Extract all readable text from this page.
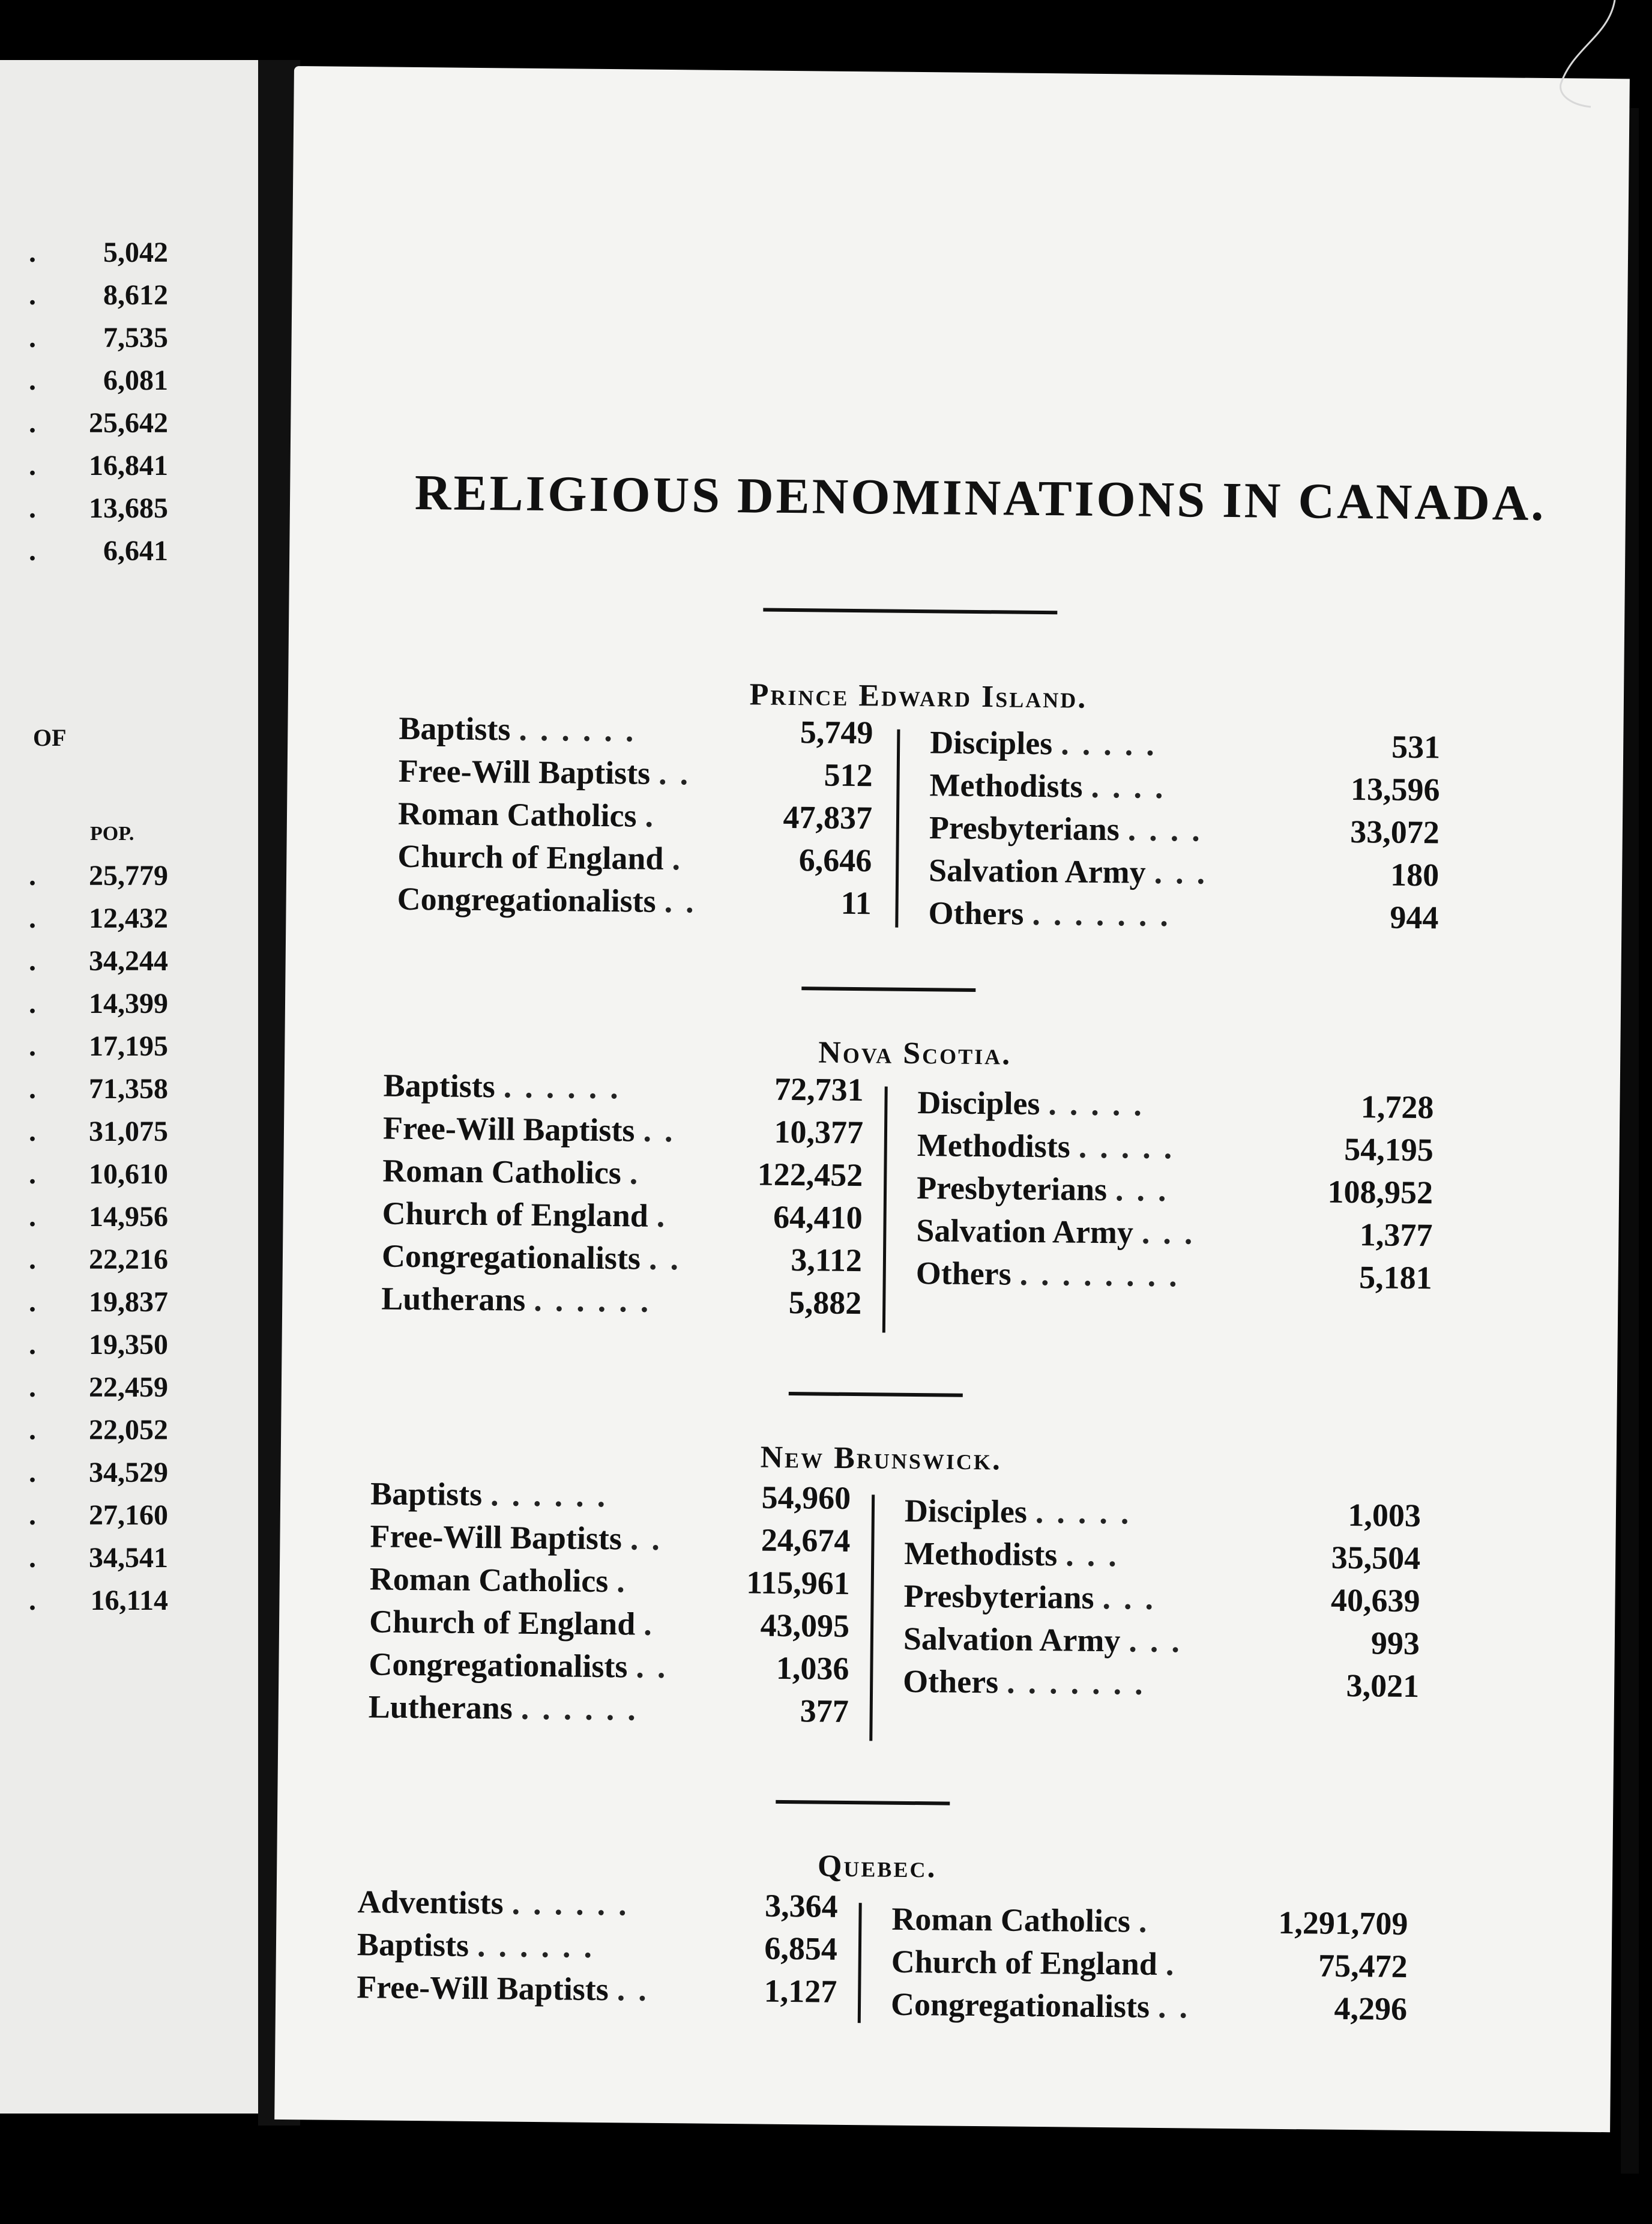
. 5,042
. 8,612
. 7,535
. 6,081
. 25,642
. 16,841
. 13,685
. 6,641
OF
POP.
. 25,779
. 12,432
. 34,244
. 14,399
. 17,195
. 71,358
. 31,075
. 10,610
. 14,956
. 22,216
. 19,837
. 19,350
. 22,459
. 22,052
. 34,529
. 27,160
. 34,541
. 16,114
RELIGIOUS DENOMINATIONS IN CANADA.
Prince Edward Island.
Baptists ......	5,749
Free-Will Baptists ..	512
Roman Catholics .	47,837
Church of England .	6,646
Congregationalists ..	11
Disciples .....	531
Methodists ....	13,596
Presbyterians ....	33,072
Salvation Army ...	180
Others .......	944
Nova Scotia.
Baptists ......	72,731
Free-Will Baptists ..	10,377
Roman Catholics .	122,452
Church of England .	64,410
Congregationalists ..	3,112
Lutherans ......	5,882
Disciples .....	1,728
Methodists .....	54,195
Presbyterians ...	108,952
Salvation Army ...	1,377
Others ........	5,181
New Brunswick.
Baptists ......	54,960
Free-Will Baptists ..	24,674
Roman Catholics .	115,961
Church of England .	43,095
Congregationalists ..	1,036
Lutherans ......	377
Disciples .....	1,003
Methodists ...	35,504
Presbyterians ...	40,639
Salvation Army ...	993
Others .......	3,021
Quebec.
Adventists ......	3,364
Baptists ......	6,854
Free-Will Baptists ..	1,127
Roman Catholics .	1,291,709
Church of England .	75,472
Congregationalists ..	4,296
